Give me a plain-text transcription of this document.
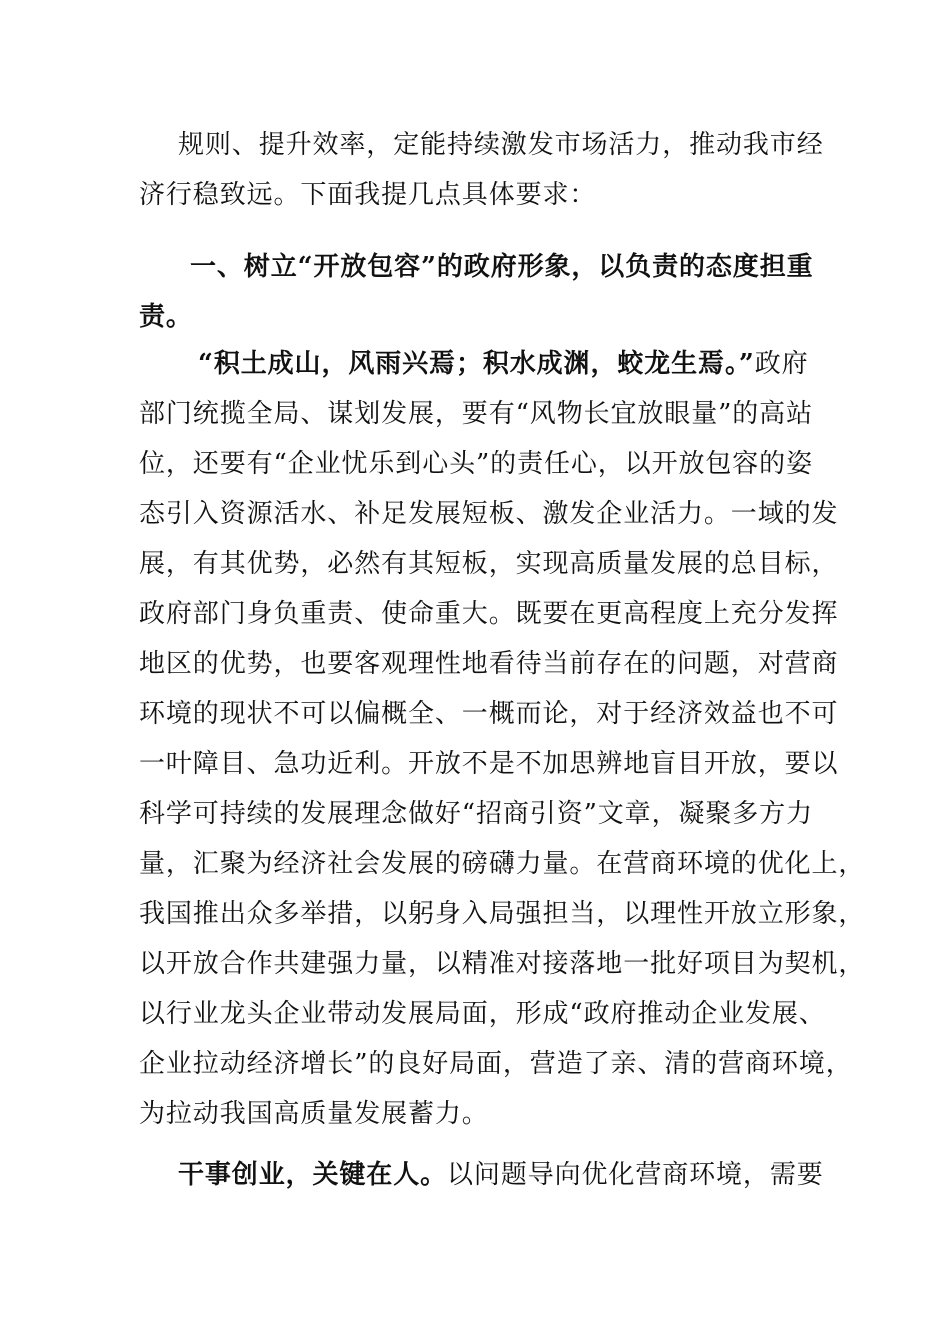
规则、提升效率，定能持续激发市场活力，推动我市经
济行稳致远。下面我提几点具体要求：
一、树立“开放包容”的政府形象，以负责的态度担重
责。
“积土成山，风雨兴焉；积水成渊，蛟龙生焉。”政府
部门统揽全局、谋划发展，要有“风物长宜放眼量”的高站
位，还要有“企业忧乐到心头”的责任心，以开放包容的姿
态引入资源活水、补足发展短板、激发企业活力。一域的发
展，有其优势，必然有其短板，实现高质量发展的总目标，
政府部门身负重责、使命重大。既要在更高程度上充分发挥
地区的优势，也要客观理性地看待当前存在的问题，对营商
环境的现状不可以偏概全、一概而论，对于经济效益也不可
一叶障目、急功近利。开放不是不加思辨地盲目开放，要以
科学可持续的发展理念做好“招商引资”文章，凝聚多方力
量，汇聚为经济社会发展的磅礴力量。在营商环境的优化上，
我国推出众多举措，以躬身入局强担当，以理性开放立形象，
以开放合作共建强力量，以精准对接落地一批好项目为契机，
以行业龙头企业带动发展局面，形成“政府推动企业发展、
企业拉动经济增长”的良好局面，营造了亲、清的营商环境，
为拉动我国高质量发展蓄力。
干事创业，关键在人。以问题导向优化营商环境，需要
